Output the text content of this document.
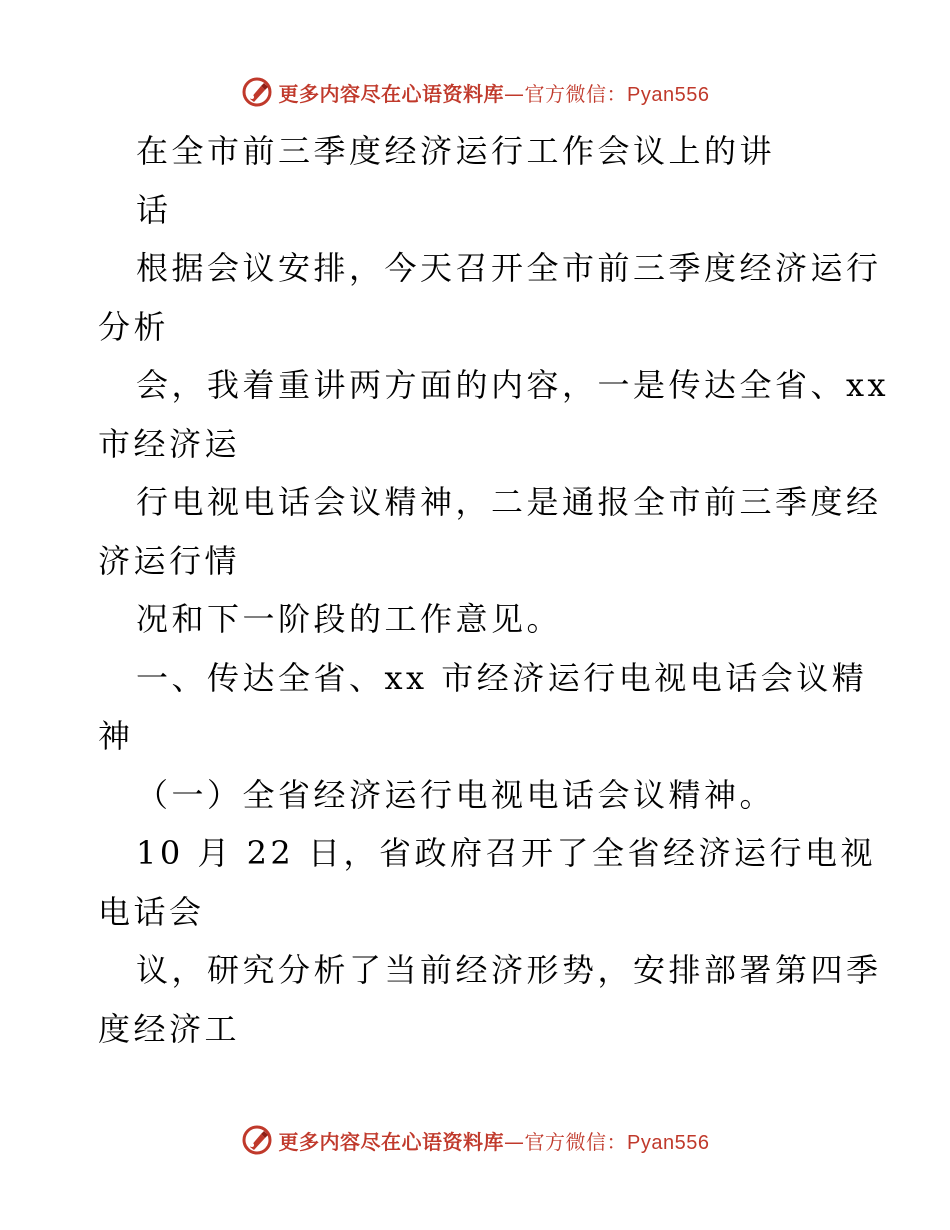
更多内容尽在心语资料库—官方微信：Pyan556
在全市前三季度经济运行工作会议上的讲
话
根据会议安排，今天召开全市前三季度经济运行
分析
会，我着重讲两方面的内容，一是传达全省、xx
市经济运
行电视电话会议精神，二是通报全市前三季度经
济运行情
况和下一阶段的工作意见。
一、传达全省、xx 市经济运行电视电话会议精
神
（一）全省经济运行电视电话会议精神。
10 月 22 日，省政府召开了全省经济运行电视
电话会
议，研究分析了当前经济形势，安排部署第四季
度经济工
更多内容尽在心语资料库—官方微信：Pyan556
